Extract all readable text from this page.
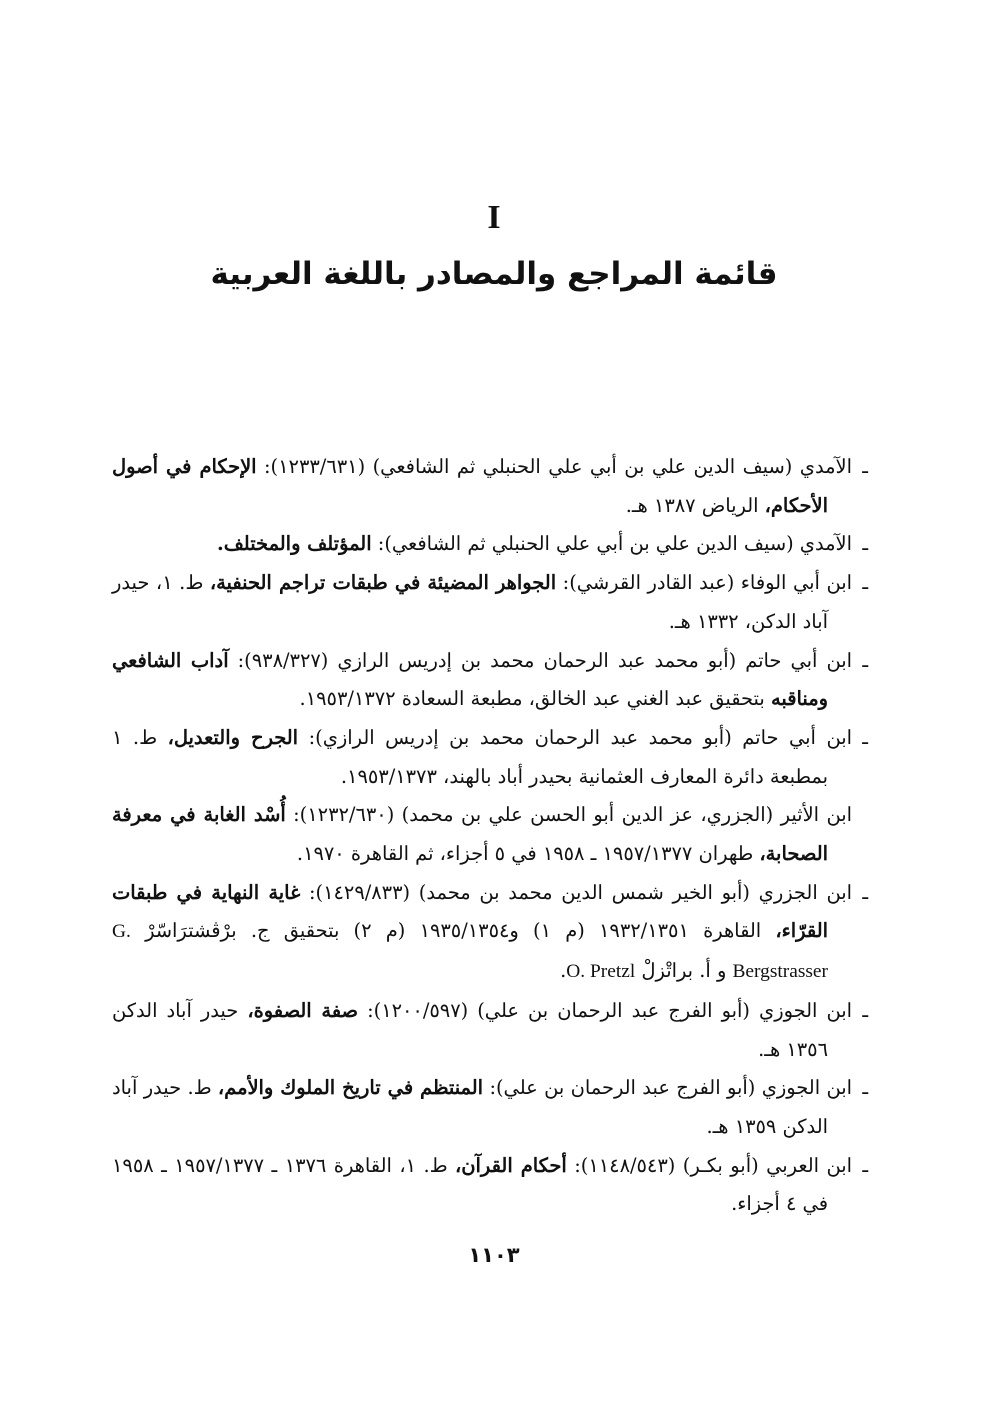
I
قائمة المراجع والمصادر باللغة العربية

ـالآمدي (سيف الدين علي بن أبي علي الحنبلي ثم الشافعي) (١٢٣٣/٦٣١): الإحكام في أصول الأحكام، الرياض ١٣٨٧ هـ.

ـالآمدي (سيف الدين علي بن أبي علي الحنبلي ثم الشافعي): المؤتلف والمختلف.

ـابن أبي الوفاء (عبد القادر القرشي): الجواهر المضيئة في طبقات تراجم الحنفية، ط. ١، حيدر آباد الدكن، ١٣٣٢ هـ.

ـابن أبي حاتم (أبو محمد عبد الرحمان محمد بن إدريس الرازي (٩٣٨/٣٢٧): آداب الشافعي ومناقبه بتحقيق عبد الغني عبد الخالق، مطبعة السعادة ١٩٥٣/١٣٧٢.

ـابن أبي حاتم (أبو محمد عبد الرحمان محمد بن إدريس الرازي): الجرح والتعديل، ط. ١ بمطبعة دائرة المعارف العثمانية بحيدر أباد بالهند، ١٩٥٣/١٣٧٣.

ابن الأثير (الجزري، عز الدين أبو الحسن علي بن محمد) (١٢٣٢/٦٣٠): أُسْد الغابة في معرفة الصحابة، طهران ١٩٥٧/١٣٧٧ ـ ١٩٥٨ في ٥ أجزاء، ثم القاهرة ١٩٧٠.

ـابن الجزري (أبو الخير شمس الدين محمد بن محمد) (١٤٢٩/٨٣٣): غاية النهاية في طبقات القرّاء، القاهرة ١٩٣٢/١٣٥١ (م ١) و١٩٣٥/١٣٥٤ (م ٢) بتحقيق ج. برْڤشترَاسّرْ G. Bergstrasser و أ. براتْزلْ O. Pretzl.

ـابن الجوزي (أبو الفرج عبد الرحمان بن علي) (١٢٠٠/٥٩٧): صفة الصفوة، حيدر آباد الدكن ١٣٥٦ هـ.

ـابن الجوزي (أبو الفرج عبد الرحمان بن علي): المنتظم في تاريخ الملوك والأمم، ط. حيدر آباد الدكن ١٣٥٩ هـ.

ـابن العربي (أبو بكـر) (١١٤٨/٥٤٣): أحكام القرآن، ط. ١، القاهرة ١٣٧٦ ـ ١٩٥٧/١٣٧٧ ـ ١٩٥٨ في ٤ أجزاء.

١١٠٣
